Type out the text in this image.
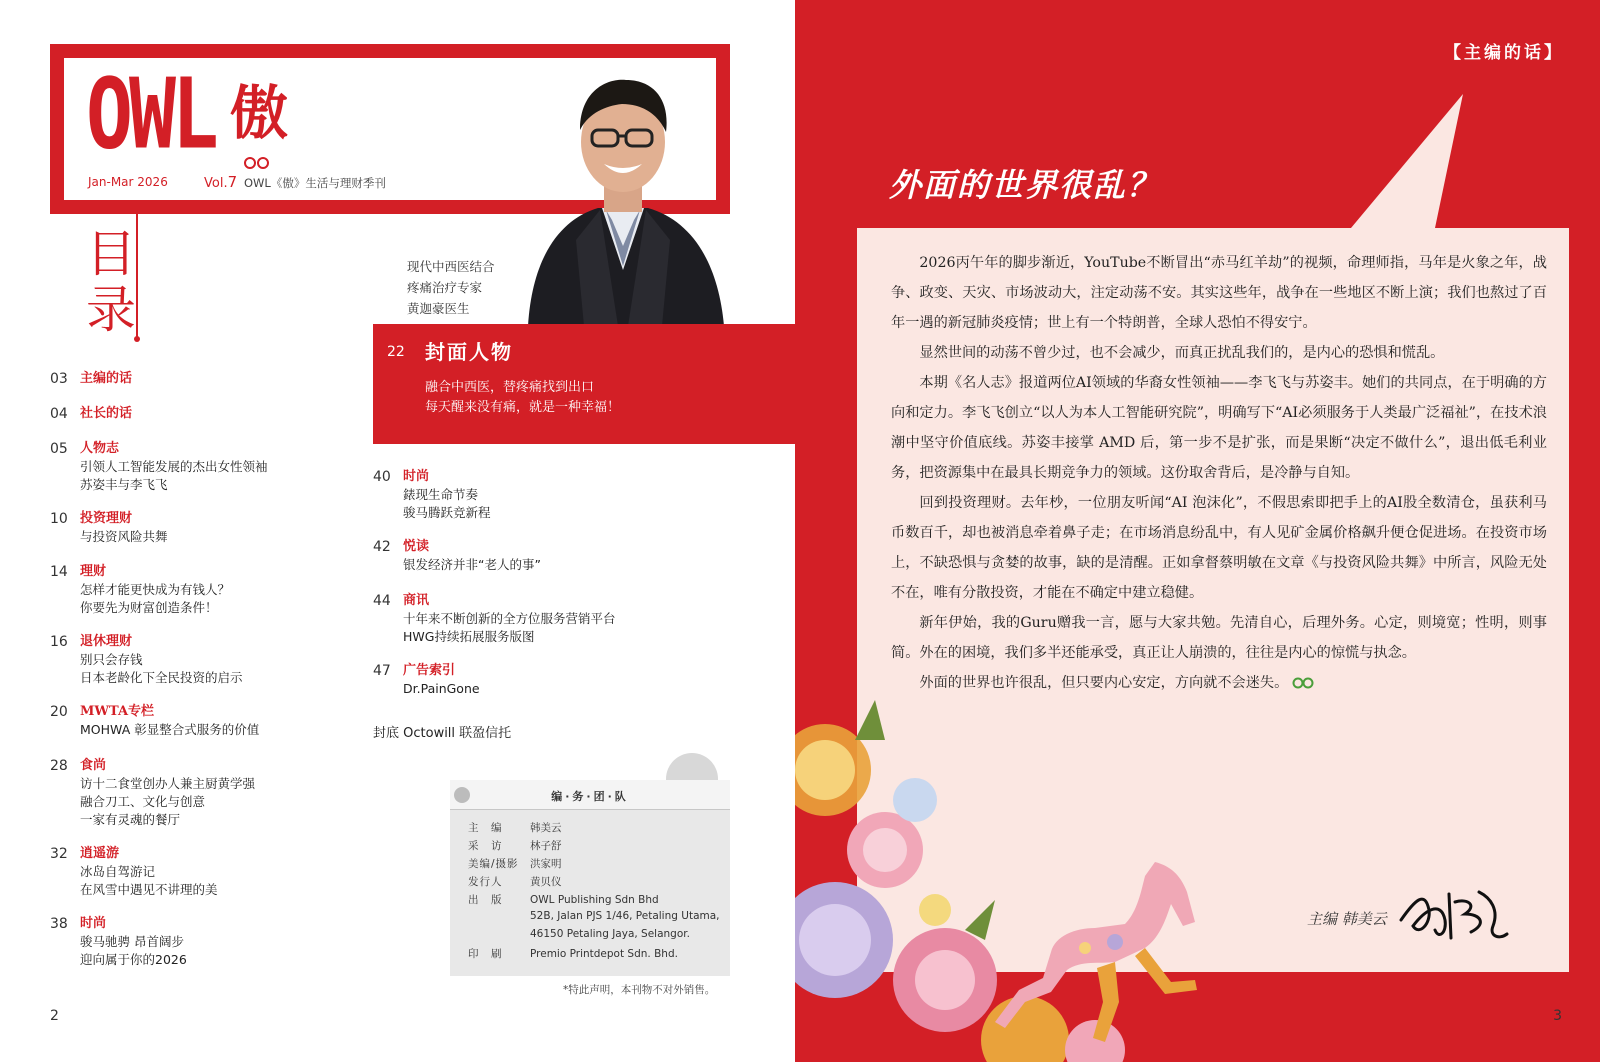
OWL 傲
Jan-Mar 2026	Vol.7 OWL《傲》生活与理财季刊
现代中西医结合
疼痛治疗专家
黄迦豪医生
目录
22 封面人物
融合中西医，替疼痛找到出口
每天醒来没有痛，就是一种幸福！
03 主编的话
04 社长的话
05 人物志
引领人工智能发展的杰出女性领袖
苏姿丰与李飞飞
10 投资理财
与投资风险共舞
14 理财
怎样才能更快成为有钱人？
你要先为财富创造条件！
16 退休理财
别只会存钱
日本老龄化下全民投资的启示
20 MWTA专栏
MOHWA 彰显整合式服务的价值
28 食尚
访十二食堂创办人兼主厨黄学强
融合刀工、文化与创意
一家有灵魂的餐厅
32 逍遥游
冰岛自驾游记
在风雪中遇见不讲理的美
38 时尚
骏马驰骋 昂首阔步
迎向属于你的2026
40 时尚
錶现生命节奏
骏马腾跃竞新程
42 悦读
银发经济并非“老人的事”
44 商讯
十年来不断创新的全方位服务营销平台
HWG持续拓展服务版图
47 广告索引
Dr.PainGone
封底 Octowill 联盈信托
编·务·团·队
主　编	韩美云
采　访	林子舒
美编/摄影 洪家明
发行人	黄贝仪
出　版	OWL Publishing Sdn Bhd
52B, Jalan PJS 1/46, Petaling Utama,
46150 Petaling Jaya, Selangor.
印　刷	Premio Printdepot Sdn. Bhd.
*特此声明，本刊物不对外销售。
2
【主编的话】
外面的世界很乱？

2026丙午年的脚步渐近，YouTube不断冒出“赤马红羊劫”的视频，命理师指，马年是火象之年，战争、政变、天灾、市场波动大，注定动荡不安。其实这些年，战争在一些地区不断上演；我们也熬过了百年一遇的新冠肺炎疫情；世上有一个特朗普，全球人恐怕不得安宁。

显然世间的动荡不曾少过，也不会减少，而真正扰乱我们的，是内心的恐惧和慌乱。

本期《名人志》报道两位AI领域的华裔女性领袖——李飞飞与苏姿丰。她们的共同点，在于明确的方向和定力。李飞飞创立“以人为本人工智能研究院”，明确写下“AI必须服务于人类最广泛福祉”，在技术浪潮中坚守价值底线。苏姿丰接掌 AMD 后，第一步不是扩张，而是果断“决定不做什么”，退出低毛利业务，把资源集中在最具长期竞争力的领域。这份取舍背后，是冷静与自知。

回到投资理财。去年杪，一位朋友听闻“AI 泡沫化”，不假思索即把手上的AI股全数清仓，虽获利马币数百千，却也被消息牵着鼻子走；在市场消息纷乱中，有人见矿金属价格飙升便仓促进场。在投资市场上，不缺恐惧与贪婪的故事，缺的是清醒。正如拿督蔡明敏在文章《与投资风险共舞》中所言，风险无处不在，唯有分散投资，才能在不确定中建立稳健。

新年伊始，我的Guru赠我一言，愿与大家共勉。先清自心，后理外务。心定，则境宽；性明，则事简。外在的困境，我们多半还能承受，真正让人崩溃的，往往是内心的惊慌与执念。

外面的世界也许很乱，但只要内心安定，方向就不会迷失。

主编 韩美云
3
